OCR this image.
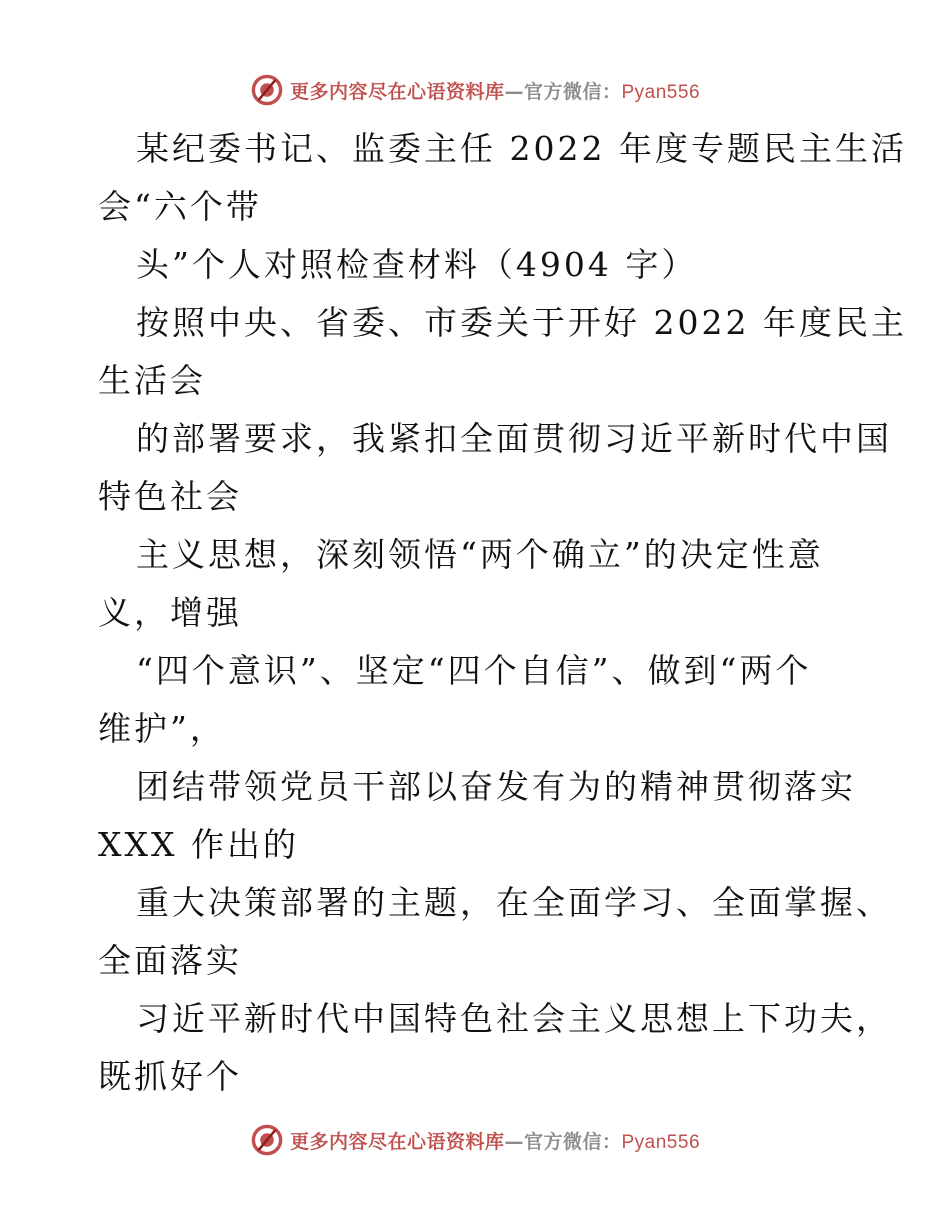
更多内容尽在心语资料库—官方微信：Pyan556
某纪委书记、监委主任 2022 年度专题民主生活
会“六个带
头”个人对照检查材料（4904 字）
按照中央、省委、市委关于开好 2022 年度民主
生活会
的部署要求，我紧扣全面贯彻习近平新时代中国
特色社会
主义思想，深刻领悟“两个确立”的决定性意
义，增强
“四个意识”、坚定“四个自信”、做到“两个
维护”，
团结带领党员干部以奋发有为的精神贯彻落实
XXX 作出的
重大决策部署的主题，在全面学习、全面掌握、
全面落实
习近平新时代中国特色社会主义思想上下功夫，
既抓好个
更多内容尽在心语资料库—官方微信：Pyan556
